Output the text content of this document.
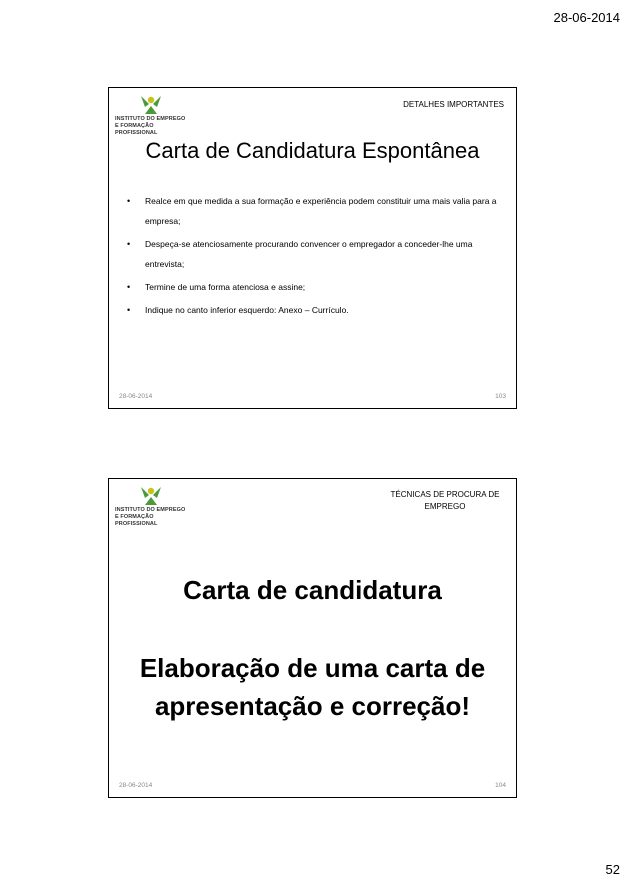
28-06-2014
INSTITUTO DO EMPREGO
E FORMAÇÃO PROFISSIONAL
DETALHES IMPORTANTES
Carta de Candidatura Espontânea
• Realce em que medida a sua formação e experiência podem constituir uma mais valia para a empresa;
• Despeça-se atenciosamente procurando convencer o empregador a conceder-lhe uma entrevista;
• Termine de uma forma atenciosa e assine;
• Indique no canto inferior esquerdo: Anexo – Currículo.
28-06-2014	103
INSTITUTO DO EMPREGO
E FORMAÇÃO PROFISSIONAL
TÉCNICAS DE PROCURA DE
EMPREGO
Carta de candidatura
Elaboração de uma carta de
apresentação e correção!
28-06-2014	104
52
